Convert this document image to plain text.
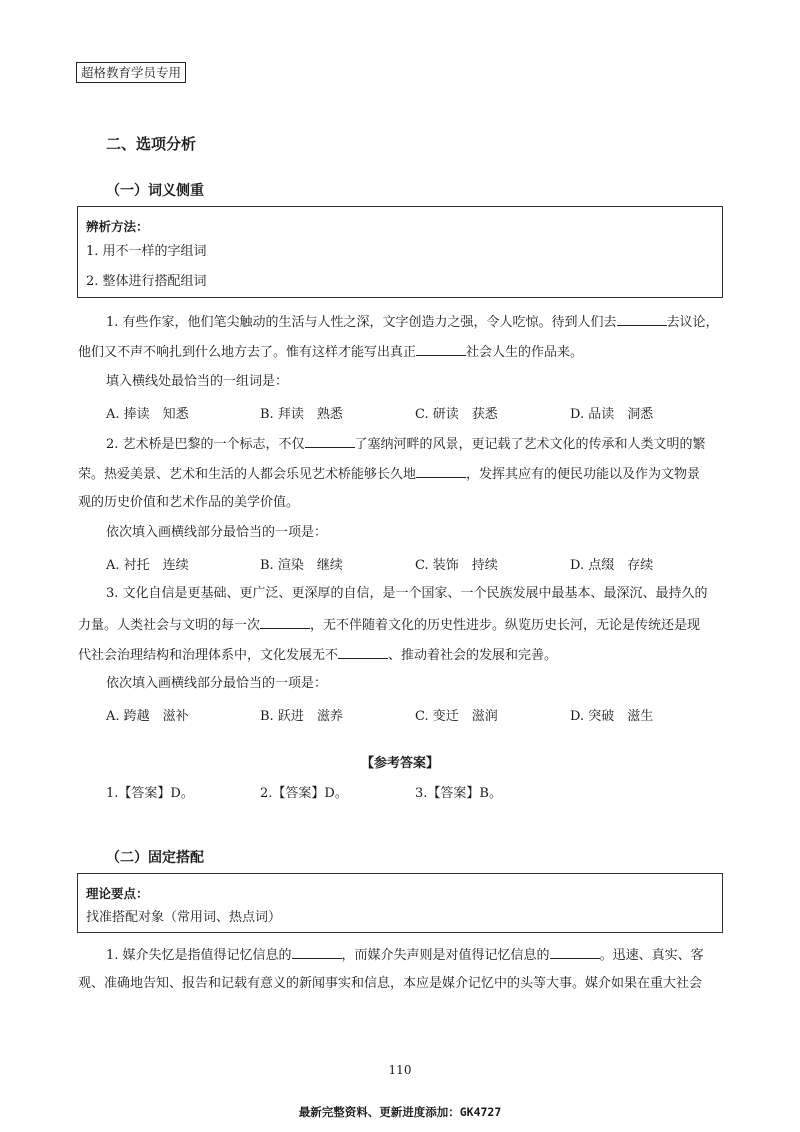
超格教育学员专用
二、选项分析
（一）词义侧重
辨析方法：
1. 用不一样的字组词
2. 整体进行搭配组词
1. 有些作家，他们笔尖触动的生活与人性之深，文字创造力之强，令人吃惊。待到人们去	去议论，
他们又不声不响扎到什么地方去了。惟有这样才能写出真正	社会人生的作品来。
填入横线处最恰当的一组词是：
A. 捧读　知悉	B. 拜读　熟悉	C. 研读　获悉	D. 品读　洞悉
2. 艺术桥是巴黎的一个标志，不仅	了塞纳河畔的风景，更记载了艺术文化的传承和人类文明的繁
荣。热爱美景、艺术和生活的人都会乐见艺术桥能够长久地	，发挥其应有的便民功能以及作为文物景
观的历史价值和艺术作品的美学价值。
依次填入画横线部分最恰当的一项是：
A. 衬托　连续	B. 渲染　继续	C. 装饰　持续	D. 点缀　存续
3. 文化自信是更基础、更广泛、更深厚的自信，是一个国家、一个民族发展中最基本、最深沉、最持久的
力量。人类社会与文明的每一次	，无不伴随着文化的历史性进步。纵览历史长河，无论是传统还是现
代社会治理结构和治理体系中，文化发展无不	、推动着社会的发展和完善。
依次填入画横线部分最恰当的一项是：
A. 跨越　滋补	B. 跃进　滋养	C. 变迁　滋润	D. 突破　滋生
【参考答案】
1.【答案】D。	2.【答案】D。	3.【答案】B。
（二）固定搭配
理论要点：
找准搭配对象（常用词、热点词）
1. 媒介失忆是指值得记忆信息的	，而媒介失声则是对值得记忆信息的	。迅速、真实、客
观、准确地告知、报告和记载有意义的新闻事实和信息，本应是媒介记忆中的头等大事。媒介如果在重大社会
110
最新完整资料、更新进度添加：GK4727
